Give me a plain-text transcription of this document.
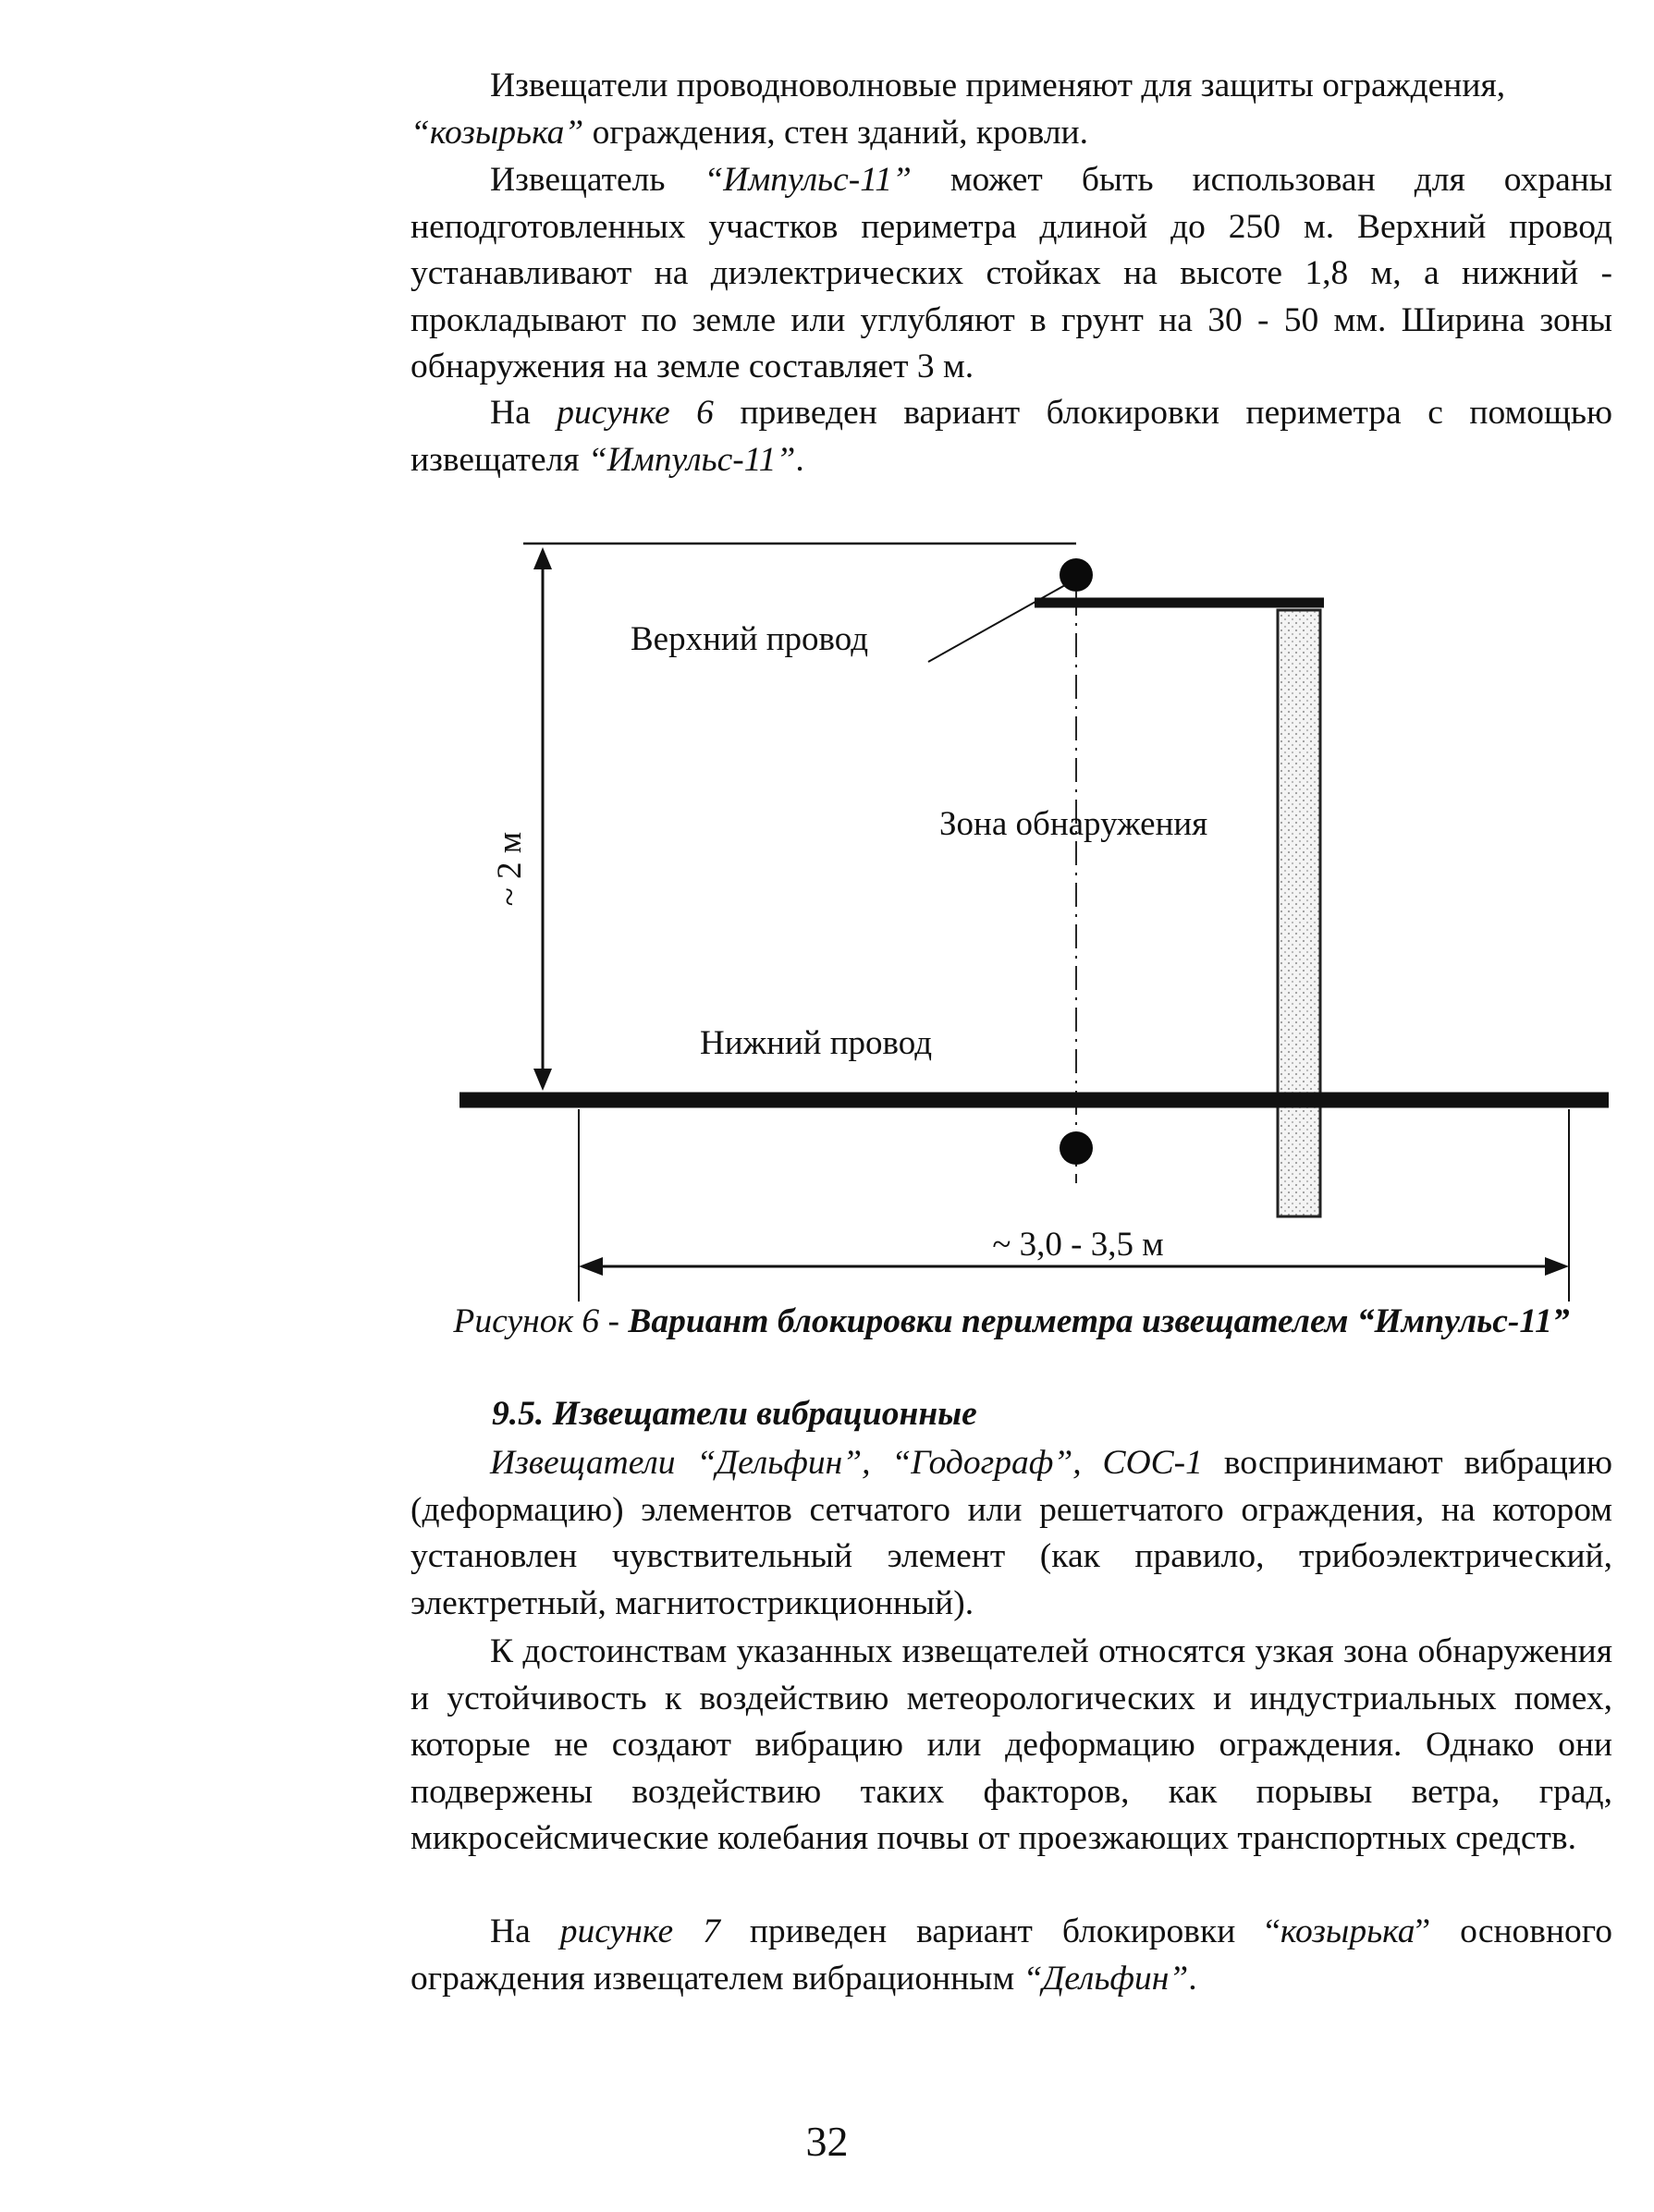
Извещатели проводноволновые применяют для защиты ограждения,
“козырька” ограждения, стен зданий, кровли.

Извещатель “Импульс-11” может быть использован для охраны неподготовленных участков периметра длиной до 250 м. Верхний провод устанавливают на диэлектрических стойках на высоте 1,8 м, а нижний - прокладывают по земле или углубляют в грунт на 30 - 50 мм. Ширина зоны обнаружения на земле составляет 3 м.

На рисунке 6 приведен вариант блокировки периметра с помощью извещателя “Импульс-11”.

Верхний провод
Зона обнаружения
Нижний провод
~ 2 м
~ 3,0 - 3,5 м

Рисунок 6 - Вариант блокировки периметра извещателем “Импульс-11”

9.5. Извещатели вибрационные

Извещатели “Дельфин”, “Годограф”, СОС-1 воспринимают вибрацию (деформацию) элементов сетчатого или решетчатого ограждения, на котором установлен чувствительный элемент (как правило, трибоэлектрический, электретный, магнитострикционный).

К достоинствам указанных извещателей относятся узкая зона обнаружения и устойчивость к воздействию метеорологических и индустриальных помех, которые не создают вибрацию или деформацию ограждения. Однако они подвержены воздействию таких факторов, как порывы ветра, град, микросейсмические колебания почвы от проезжающих транспортных средств.

На рисунке 7 приведен вариант блокировки “козырька” основного ограждения извещателем вибрационным “Дельфин”.

32
